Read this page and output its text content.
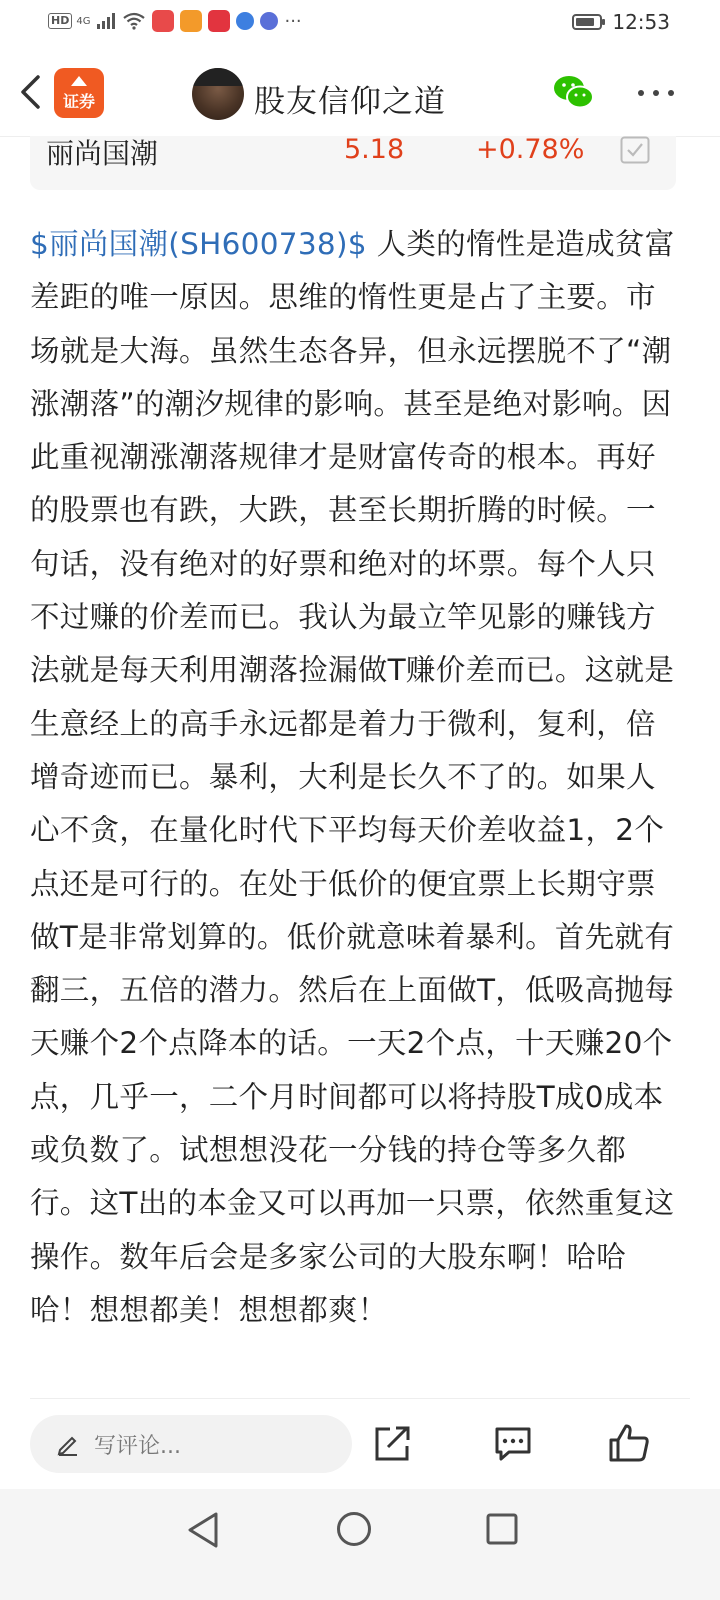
HD 4G	···	12:53
证券	股友信仰之道
丽尚国潮	5.18	+0.78%
$丽尚国潮(SH600738)$ 人类的惰性是造成贫富差距的唯一原因。思维的惰性更是占了主要。市场就是大海。虽然生态各异，但永远摆脱不了“潮涨潮落”的潮汐规律的影响。甚至是绝对影响。因此重视潮涨潮落规律才是财富传奇的根本。再好的股票也有跌，大跌，甚至长期折腾的时候。一句话，没有绝对的好票和绝对的坏票。每个人只不过赚的价差而已。我认为最立竿见影的赚钱方法就是每天利用潮落捡漏做T赚价差而已。这就是生意经上的高手永远都是着力于微利，复利，倍增奇迹而已。暴利，大利是长久不了的。如果人心不贪，在量化时代下平均每天价差收益1，2个点还是可行的。在处于低价的便宜票上长期守票做T是非常划算的。低价就意味着暴利。首先就有翻三，五倍的潜力。然后在上面做T，低吸高抛每天赚个2个点降本的话。一天2个点，十天赚20个点，几乎一，二个月时间都可以将持股T成0成本或负数了。试想想没花一分钱的持仓等多久都行。这T出的本金又可以再加一只票，依然重复这操作。数年后会是多家公司的大股东啊！哈哈哈！想想都美！想想都爽！
写评论...
